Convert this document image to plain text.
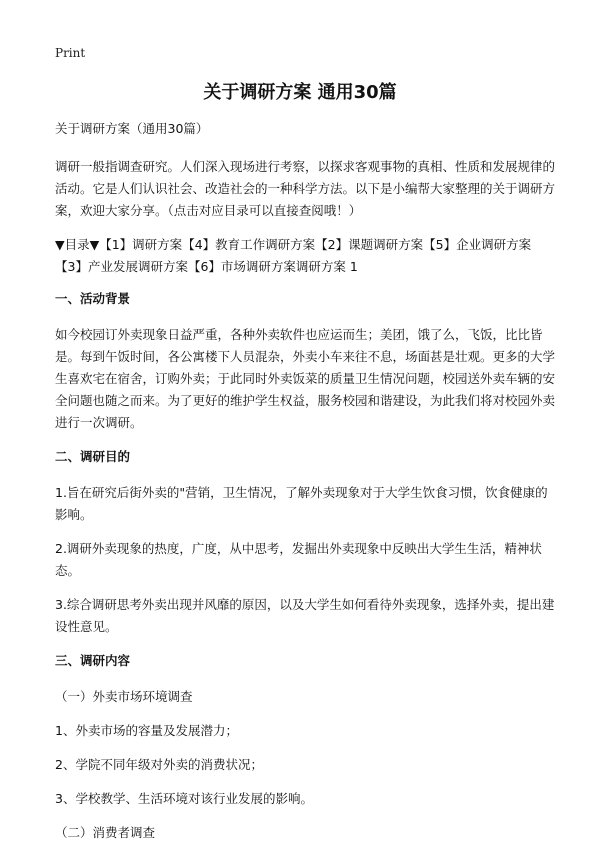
Print
关于调研方案 通用30篇

关于调研方案（通用30篇）

调研一般指调查研究。人们深入现场进行考察，以探求客观事物的真相、性质和发展规律的活动。它是人们认识社会、改造社会的一种科学方法。以下是小编帮大家整理的关于调研方案，欢迎大家分享。（点击对应目录可以直接查阅哦！）

▼目录▼【1】调研方案【4】教育工作调研方案【2】课题调研方案【5】企业调研方案【3】产业发展调研方案【6】市场调研方案调研方案 1

一、活动背景

如今校园订外卖现象日益严重，各种外卖软件也应运而生；美团，饿了么，飞饭，比比皆是。每到午饭时间，各公寓楼下人员混杂，外卖小车来往不息，场面甚是壮观。更多的大学生喜欢宅在宿舍，订购外卖；于此同时外卖饭菜的质量卫生情况问题，校园送外卖车辆的安全问题也随之而来。为了更好的维护学生权益，服务校园和谐建设，为此我们将对校园外卖进行一次调研。

二、调研目的

1.旨在研究后街外卖的"营销，卫生情况，了解外卖现象对于大学生饮食习惯，饮食健康的影响。

2.调研外卖现象的热度，广度，从中思考，发掘出外卖现象中反映出大学生生活，精神状态。

3.综合调研思考外卖出现并风靡的原因，以及大学生如何看待外卖现象，选择外卖，提出建设性意见。

三、调研内容

（一）外卖市场环境调查

1、外卖市场的容量及发展潜力；

2、学院不同年级对外卖的消费状况；

3、学校教学、生活环境对该行业发展的影响。

（二）消费者调查
